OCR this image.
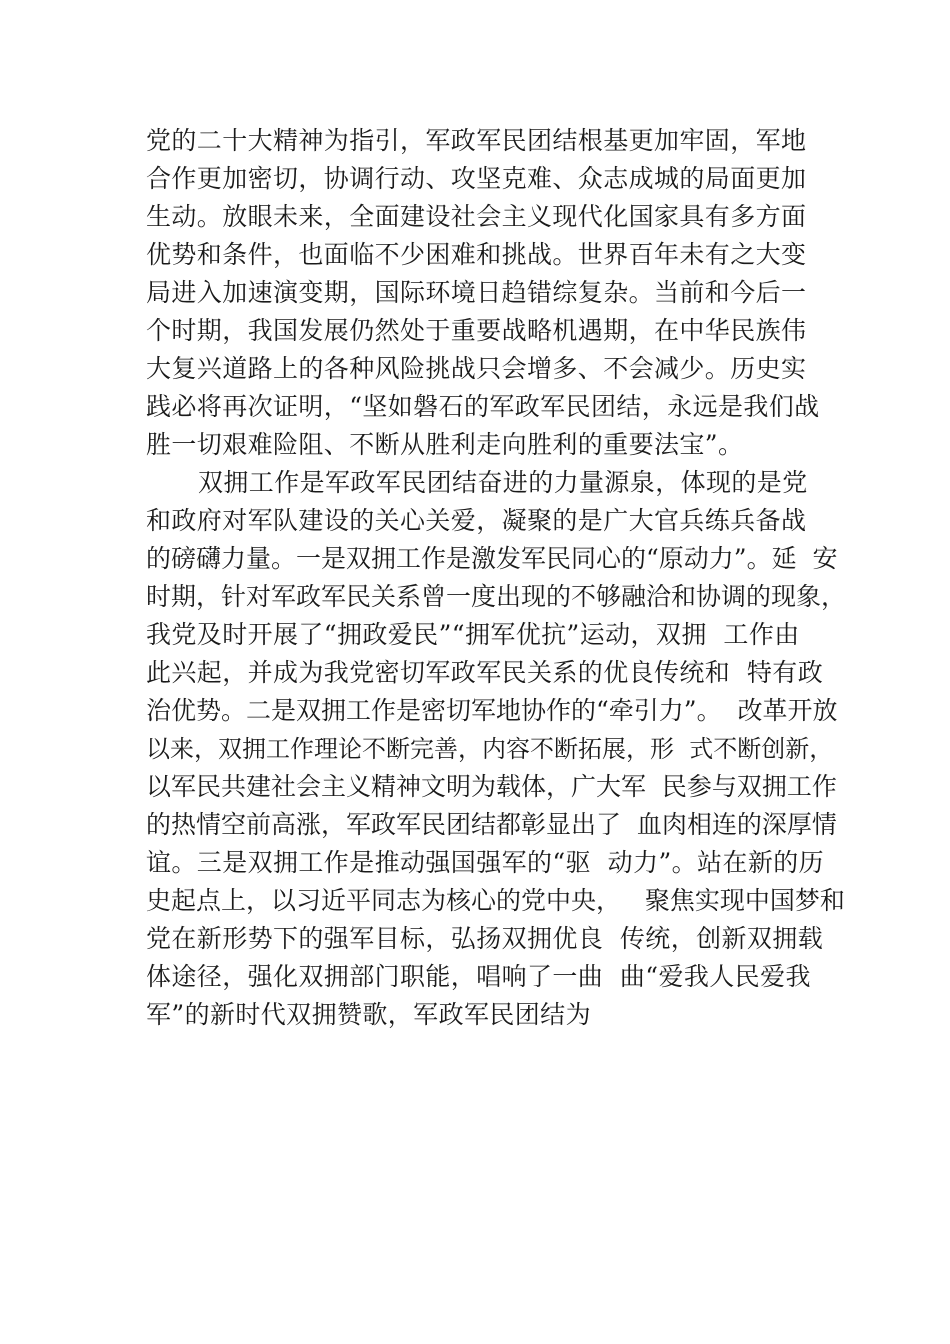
党的二十大精神为指引，军政军民团结根基更加牢固，军地
合作更加密切，协调行动、攻坚克难、众志成城的局面更加
生动。放眼未来，全面建设社会主义现代化国家具有多方面
优势和条件，也面临不少困难和挑战。世界百年未有之大变
局进入加速演变期，国际环境日趋错综复杂。当前和今后一
个时期，我国发展仍然处于重要战略机遇期，在中华民族伟
大复兴道路上的各种风险挑战只会增多、不会减少。历史实
践必将再次证明，“坚如磐石的军政军民团结，永远是我们战
胜一切艰难险阻、不断从胜利走向胜利的重要法宝”。
双拥工作是军政军民团结奋进的力量源泉，体现的是党
和政府对军队建设的关心关爱，凝聚的是广大官兵练兵备战
的磅礴力量。一是双拥工作是激发军民同心的“原动力”。延  安
时期，针对军政军民关系曾一度出现的不够融洽和协调的现象，
我党及时开展了“拥政爱民”“拥军优抗”运动，双拥  工作由
此兴起，并成为我党密切军政军民关系的优良传统和  特有政
治优势。二是双拥工作是密切军地协作的“牵引力”。  改革开放
以来，双拥工作理论不断完善，内容不断拓展，形  式不断创新，
以军民共建社会主义精神文明为载体，广大军  民参与双拥工作
的热情空前高涨，军政军民团结都彰显出了  血肉相连的深厚情
谊。三是双拥工作是推动强国强军的“驱  动力”。站在新的历
史起点上，以习近平同志为核心的党中央，   聚焦实现中国梦和
党在新形势下的强军目标，弘扬双拥优良  传统，创新双拥载
体途径，强化双拥部门职能，唱响了一曲  曲“爱我人民爱我
军”的新时代双拥赞歌，军政军民团结为
